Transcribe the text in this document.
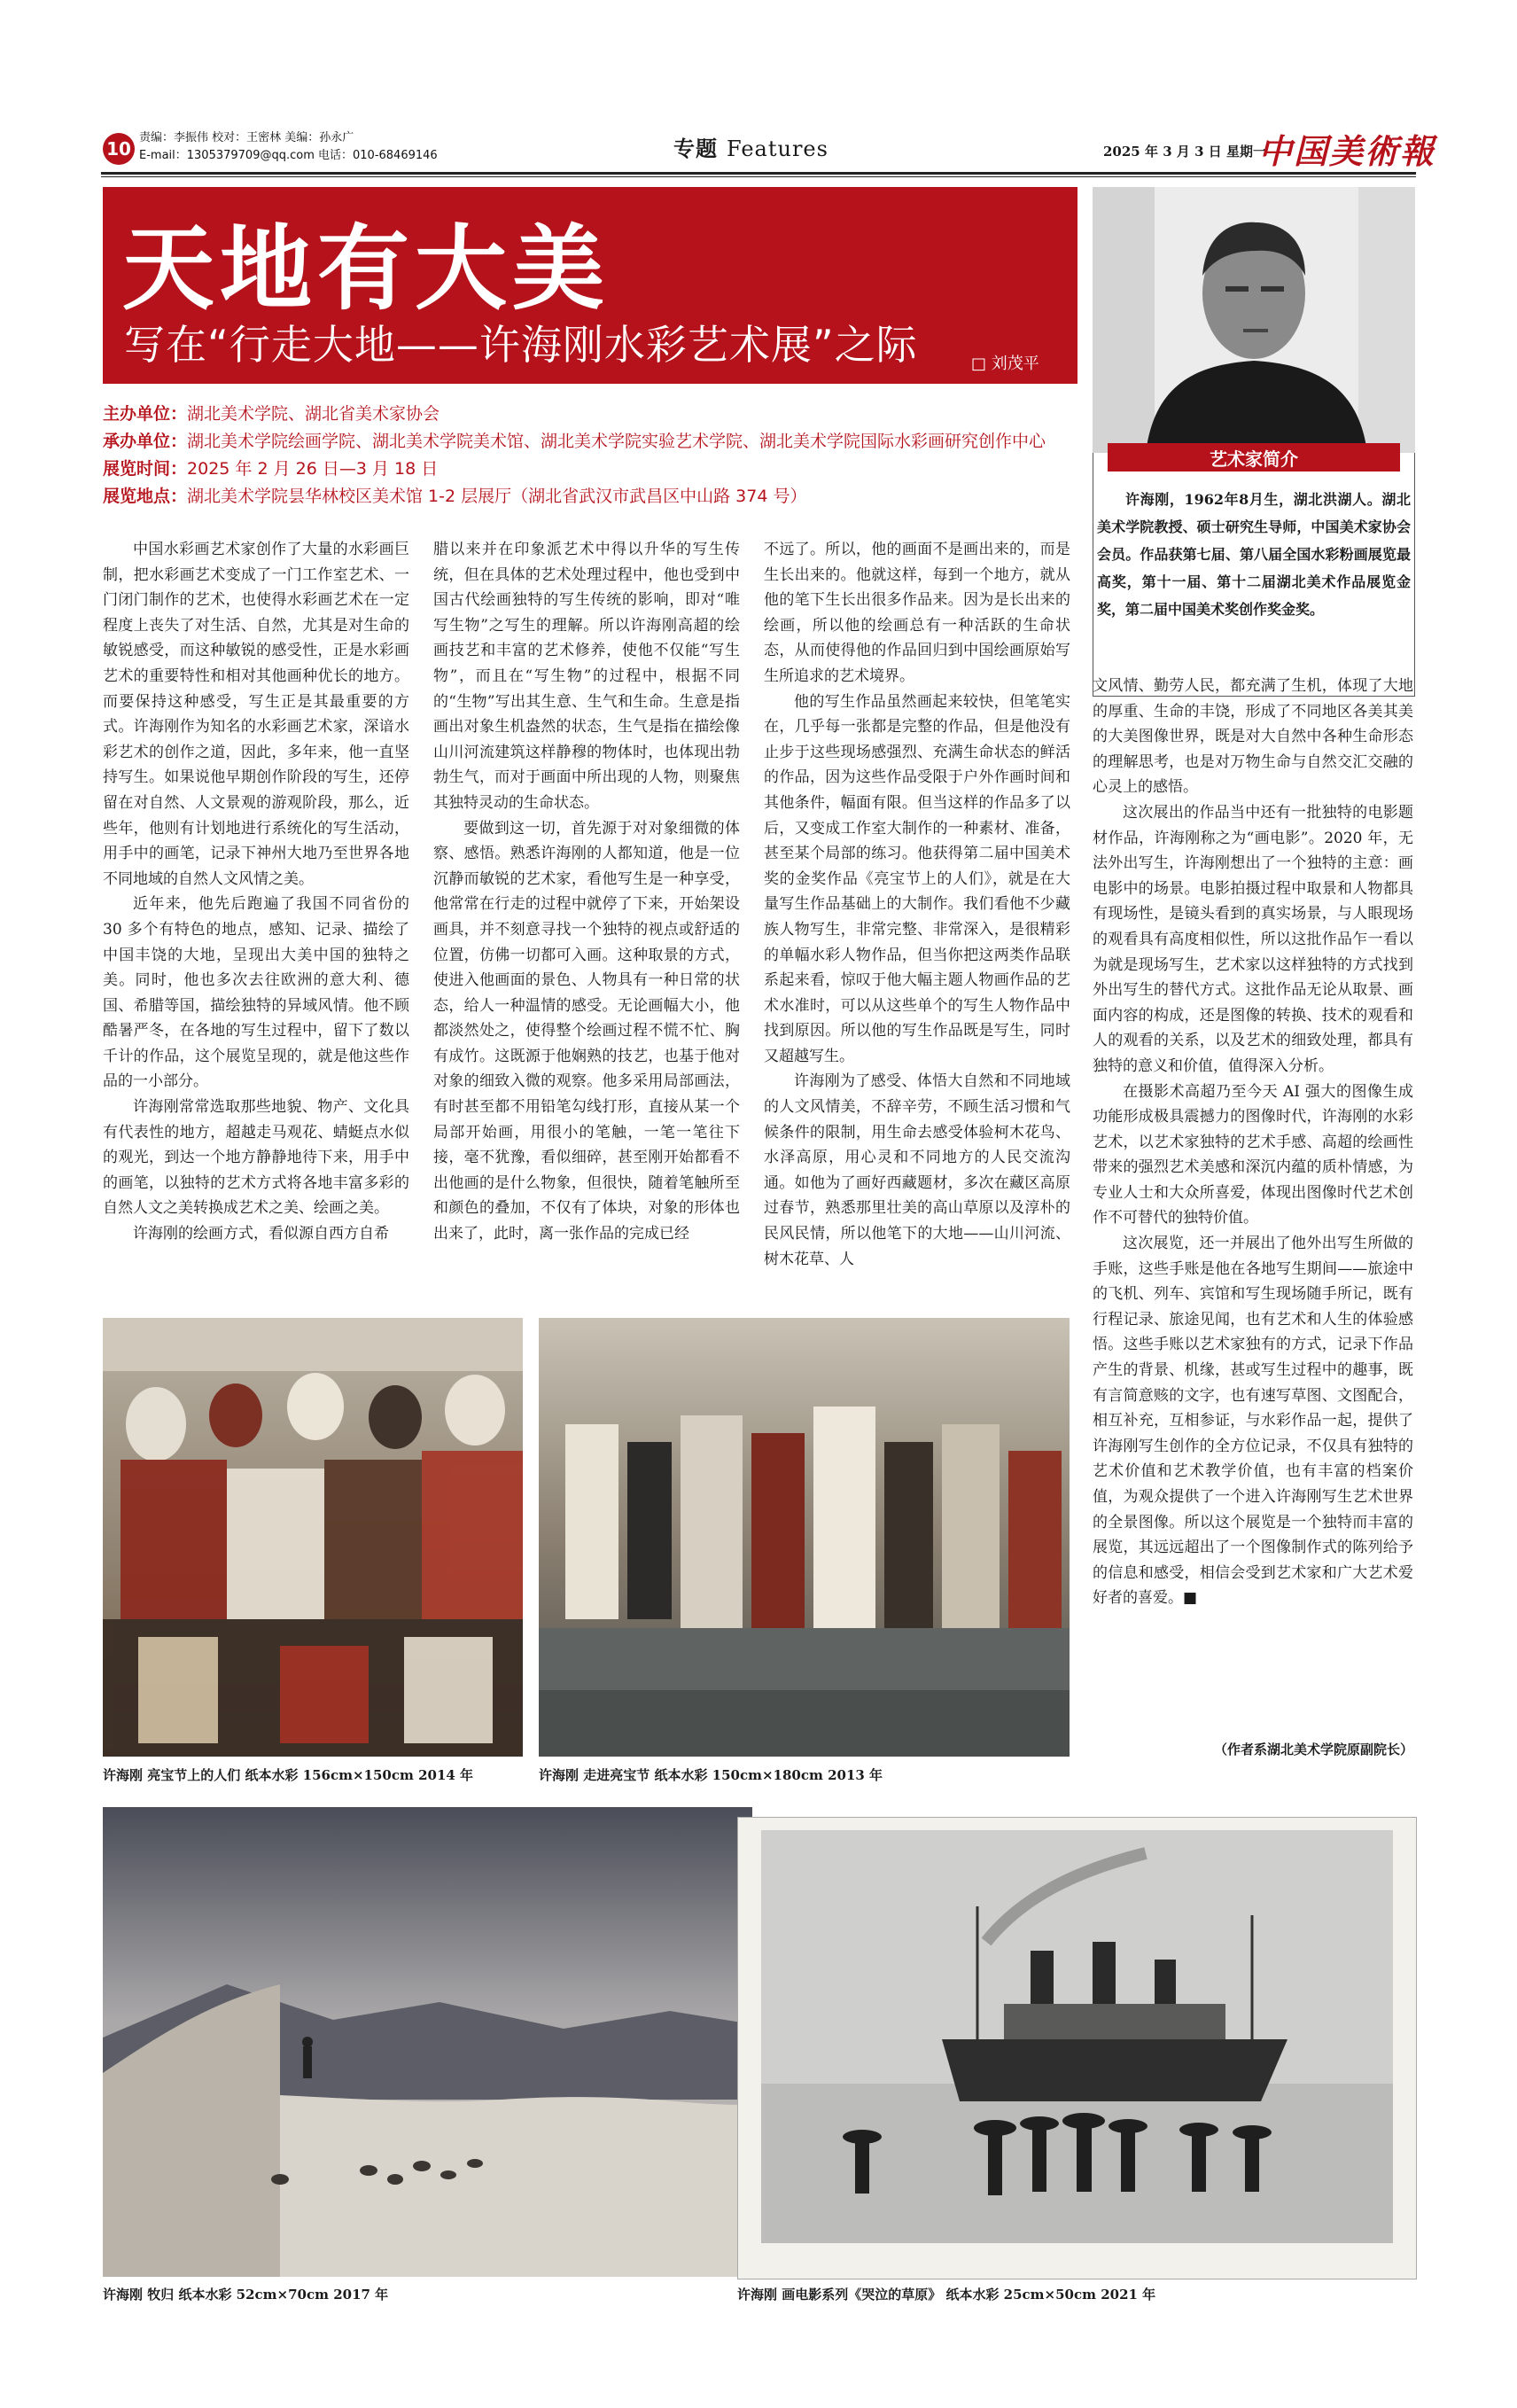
10
责编：李振伟 校对：王密林 美编：孙永广
E-mail：1305379709@qq.com 电话：010-68469146	专题 Features	2025 年 3 月 3 日 星期一
中国美術報
天地有大美
写在“行走大地——许海刚水彩艺术展”之际	□ 刘茂平
主办单位：湖北美术学院、湖北省美术家协会
承办单位：湖北美术学院绘画学院、湖北美术学院美术馆、湖北美术学院实验艺术学院、湖北美术学院国际水彩画研究创作中心
展览时间：2025 年 2 月 26 日—3 月 18 日
展览地点：湖北美术学院昙华林校区美术馆 1-2 层展厅（湖北省武汉市武昌区中山路 374 号）
艺术家简介
许海刚，1962年8月生，湖北洪湖人。湖北美术学院教授、硕士研究生导师，中国美术家协会会员。作品获第七届、第八届全国水彩粉画展览最高奖，第十一届、第十二届湖北美术作品展览金奖，第二届中国美术奖创作奖金奖。

中国水彩画艺术家创作了大量的水彩画巨制，把水彩画艺术变成了一门工作室艺术、一门闭门制作的艺术，也使得水彩画艺术在一定程度上丧失了对生活、自然，尤其是对生命的敏锐感受，而这种敏锐的感受性，正是水彩画艺术的重要特性和相对其他画种优长的地方。而要保持这种感受，写生正是其最重要的方式。许海刚作为知名的水彩画艺术家，深谙水彩艺术的创作之道，因此，多年来，他一直坚持写生。如果说他早期创作阶段的写生，还停留在对自然、人文景观的游观阶段，那么，近些年，他则有计划地进行系统化的写生活动，用手中的画笔，记录下神州大地乃至世界各地不同地域的自然人文风情之美。

近年来，他先后跑遍了我国不同省份的 30 多个有特色的地点，感知、记录、描绘了中国丰饶的大地，呈现出大美中国的独特之美。同时，他也多次去往欧洲的意大利、德国、希腊等国，描绘独特的异域风情。他不顾酷暑严冬，在各地的写生过程中，留下了数以千计的作品，这个展览呈现的，就是他这些作品的一小部分。

许海刚常常选取那些地貌、物产、文化具有代表性的地方，超越走马观花、蜻蜓点水似的观光，到达一个地方静静地待下来，用手中的画笔，以独特的艺术方式将各地丰富多彩的自然人文之美转换成艺术之美、绘画之美。

许海刚的绘画方式，看似源自西方自希

腊以来并在印象派艺术中得以升华的写生传统，但在具体的艺术处理过程中，他也受到中国古代绘画独特的写生传统的影响，即对“唯写生物”之写生的理解。所以许海刚高超的绘画技艺和丰富的艺术修养，使他不仅能“写生物”，而且在“写生物”的过程中，根据不同的“生物”写出其生意、生气和生命。生意是指画出对象生机盎然的状态，生气是指在描绘像山川河流建筑这样静穆的物体时，也体现出勃勃生气，而对于画面中所出现的人物，则聚焦其独特灵动的生命状态。

要做到这一切，首先源于对对象细微的体察、感悟。熟悉许海刚的人都知道，他是一位沉静而敏锐的艺术家，看他写生是一种享受，他常常在行走的过程中就停了下来，开始架设画具，并不刻意寻找一个独特的视点或舒适的位置，仿佛一切都可入画。这种取景的方式，使进入他画面的景色、人物具有一种日常的状态，给人一种温情的感受。无论画幅大小，他都淡然处之，使得整个绘画过程不慌不忙、胸有成竹。这既源于他娴熟的技艺，也基于他对对象的细致入微的观察。他多采用局部画法，有时甚至都不用铅笔勾线打形，直接从某一个局部开始画，用很小的笔触，一笔一笔往下接，毫不犹豫，看似细碎，甚至刚开始都看不出他画的是什么物象，但很快，随着笔触所至和颜色的叠加，不仅有了体块，对象的形体也出来了，此时，离一张作品的完成已经

不远了。所以，他的画面不是画出来的，而是生长出来的。他就这样，每到一个地方，就从他的笔下生长出很多作品来。因为是长出来的绘画，所以他的绘画总有一种活跃的生命状态，从而使得他的作品回归到中国绘画原始写生所追求的艺术境界。

他的写生作品虽然画起来较快，但笔笔实在，几乎每一张都是完整的作品，但是他没有止步于这些现场感强烈、充满生命状态的鲜活的作品，因为这些作品受限于户外作画时间和其他条件，幅面有限。但当这样的作品多了以后，又变成工作室大制作的一种素材、准备，甚至某个局部的练习。他获得第二届中国美术奖的金奖作品《亮宝节上的人们》，就是在大量写生作品基础上的大制作。我们看他不少藏族人物写生，非常完整、非常深入，是很精彩的单幅水彩人物作品，但当你把这两类作品联系起来看，惊叹于他大幅主题人物画作品的艺术水准时，可以从这些单个的写生人物作品中找到原因。所以他的写生作品既是写生，同时又超越写生。

许海刚为了感受、体悟大自然和不同地域的人文风情美，不辞辛劳，不顾生活习惯和气候条件的限制，用生命去感受体验柯木花鸟、水泽高原，用心灵和不同地方的人民交流沟通。如他为了画好西藏题材，多次在藏区高原过春节，熟悉那里壮美的高山草原以及淳朴的民风民情，所以他笔下的大地——山川河流、树木花草、人

文风情、勤劳人民，都充满了生机，体现了大地的厚重、生命的丰饶，形成了不同地区各美其美的大美图像世界，既是对大自然中各种生命形态的理解思考，也是对万物生命与自然交汇交融的心灵上的感悟。

这次展出的作品当中还有一批独特的电影题材作品，许海刚称之为“画电影”。2020 年，无法外出写生，许海刚想出了一个独特的主意：画电影中的场景。电影拍摄过程中取景和人物都具有现场性，是镜头看到的真实场景，与人眼现场的观看具有高度相似性，所以这批作品乍一看以为就是现场写生，艺术家以这样独特的方式找到外出写生的替代方式。这批作品无论从取景、画面内容的构成，还是图像的转换、技术的观看和人的观看的关系，以及艺术的细致处理，都具有独特的意义和价值，值得深入分析。

在摄影术高超乃至今天 AI 强大的图像生成功能形成极具震撼力的图像时代，许海刚的水彩艺术，以艺术家独特的艺术手感、高超的绘画性带来的强烈艺术美感和深沉内蕴的质朴情感，为专业人士和大众所喜爱，体现出图像时代艺术创作不可替代的独特价值。

这次展览，还一并展出了他外出写生所做的手账，这些手账是他在各地写生期间——旅途中的飞机、列车、宾馆和写生现场随手所记，既有行程记录、旅途见闻，也有艺术和人生的体验感悟。这些手账以艺术家独有的方式，记录下作品产生的背景、机缘，甚或写生过程中的趣事，既有言简意赅的文字，也有速写草图、文图配合，相互补充，互相参证，与水彩作品一起，提供了许海刚写生创作的全方位记录，不仅具有独特的艺术价值和艺术教学价值，也有丰富的档案价值，为观众提供了一个进入许海刚写生艺术世界的全景图像。所以这个展览是一个独特而丰富的展览，其远远超出了一个图像制作式的陈列给予的信息和感受，相信会受到艺术家和广大艺术爱好者的喜爱。■

（作者系湖北美术学院原副院长）
许海刚 亮宝节上的人们 纸本水彩 156cm×150cm 2014 年	许海刚 走进亮宝节 纸本水彩 150cm×180cm 2013 年
许海刚 牧归 纸本水彩 52cm×70cm 2017 年	许海刚 画电影系列《哭泣的草原》 纸本水彩 25cm×50cm 2021 年
